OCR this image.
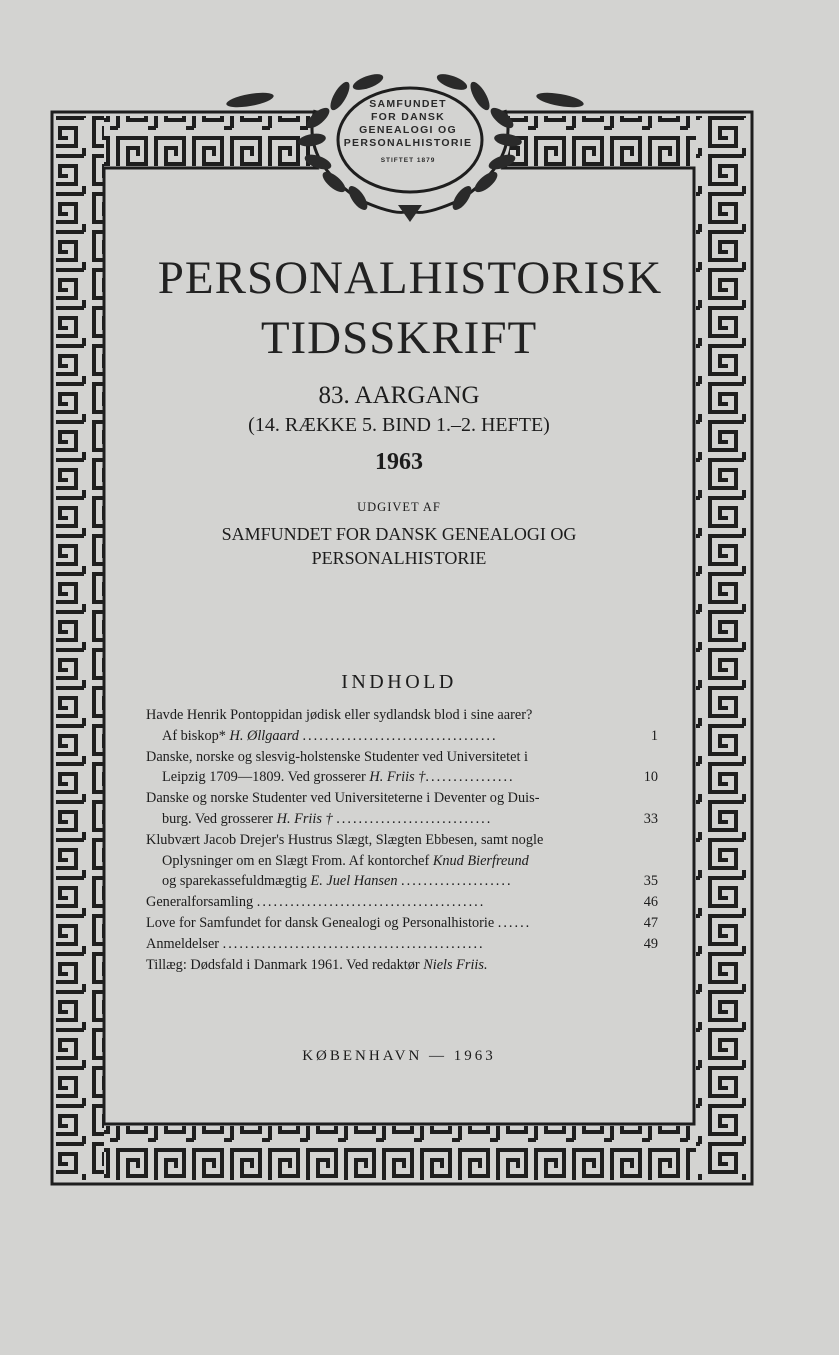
SAMFUNDET
FOR DANSK
GENEALOGI OG
PERSONALHISTORIE
STIFTET 1879
PERSONALHISTORISK
TIDSSKRIFT
83. AARGANG
(14. RÆKKE 5. BIND 1.–2. HEFTE)
1963
UDGIVET AF
SAMFUNDET FOR DANSK GENEALOGI OG
PERSONALHISTORIE
INDHOLD
Havde Henrik Pontoppidan jødisk eller sydlandsk blod i sine aarer?
Af biskop* H. Øllgaard ...................................	1
Danske, norske og slesvig-holstenske Studenter ved Universitetet i
Leipzig 1709—1809. Ved grosserer H. Friis †................	10
Danske og norske Studenter ved Universiteterne i Deventer og Duis-
burg. Ved grosserer H. Friis † ............................	33
Klubvært Jacob Drejer's Hustrus Slægt, Slægten Ebbesen, samt nogle
Oplysninger om en Slægt From. Af kontorchef Knud Bierfreund
og sparekassefuldmægtig E. Juel Hansen ....................	35
Generalforsamling .........................................	46
Love for Samfundet for dansk Genealogi og Personalhistorie ......	47
Anmeldelser ...............................................	49
Tillæg: Dødsfald i Danmark 1961. Ved redaktør Niels Friis.
KØBENHAVN — 1963
